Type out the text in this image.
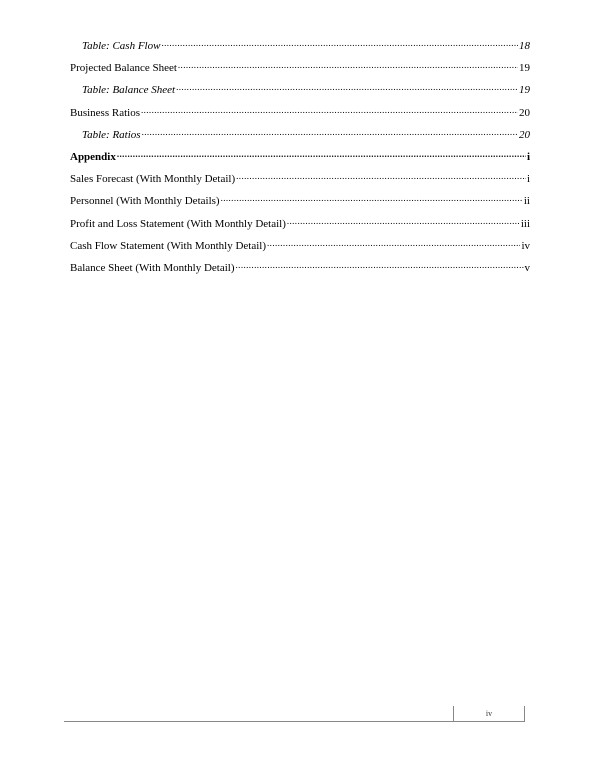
Table: Cash Flow .....	18
Projected Balance Sheet .....	19
Table: Balance Sheet .....	19
Business Ratios .....	20
Table: Ratios .....	20
Appendix .....	i
Sales Forecast (With Monthly Detail) .....	i
Personnel (With Monthly Details) .....	ii
Profit and Loss Statement (With Monthly Detail) .....	iii
Cash Flow Statement (With Monthly Detail) .....	iv
Balance Sheet (With Monthly Detail) .....	v
iv
